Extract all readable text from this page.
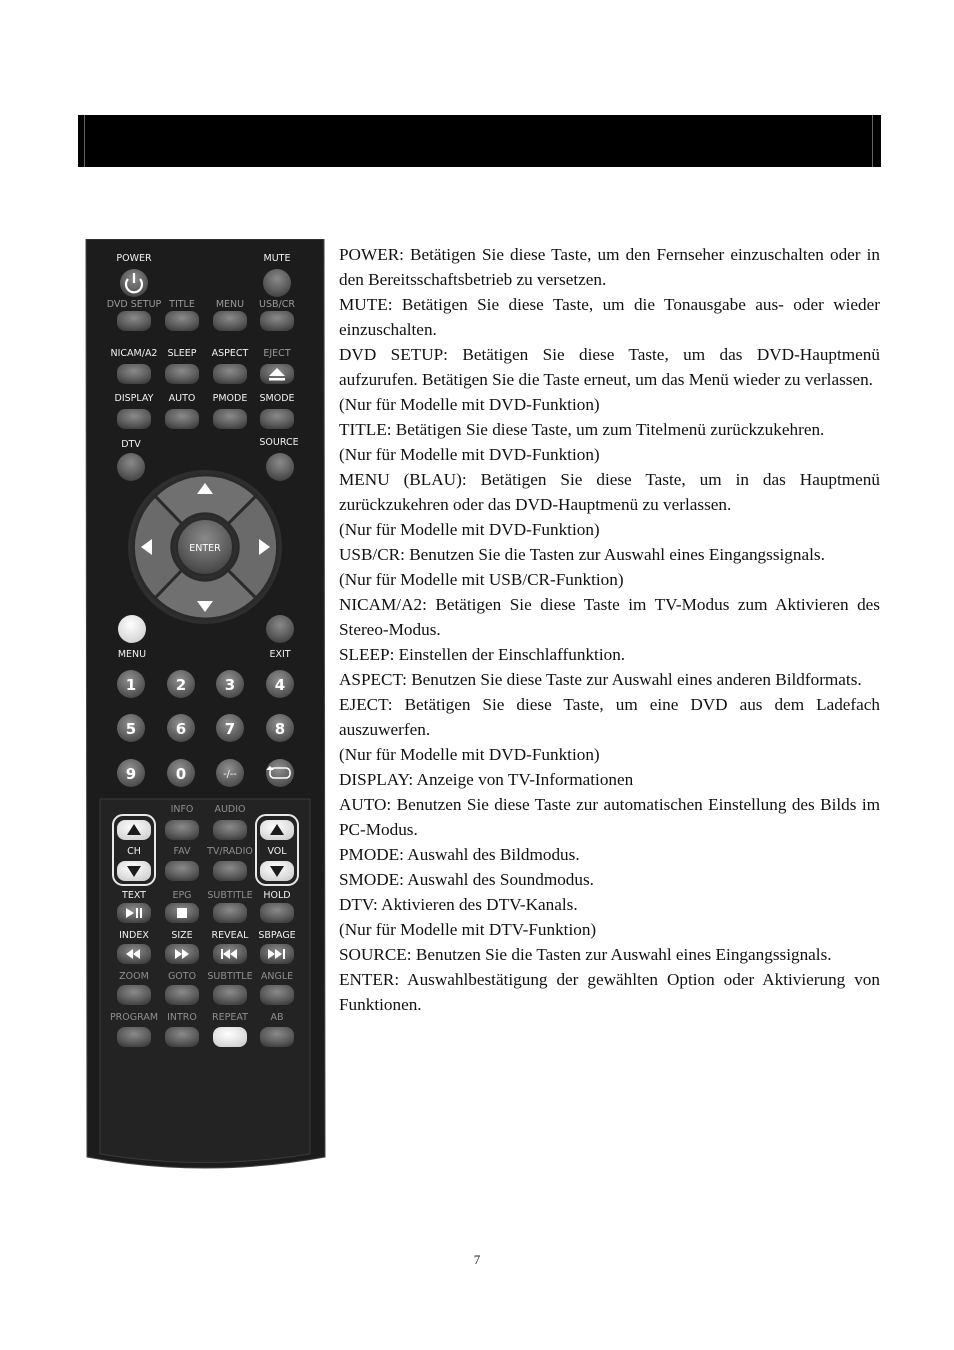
POWER	MUTE
DVD SETUP TITLE MENU USB/CR
NICAM/A2 SLEEP ASPECT EJECT
DISPLAY AUTO PMODE SMODE
DTV	SOURCE
ENTER
MENU	EXIT
1	2	3	4
5	6	7	8
9	0	-/--
INFO AUDIO
CH	VOL
FAV TV/RADIO
TEXT	EPG SUBTITLE HOLD
INDEX SIZE REVEAL SBPAGE
ZOOM GOTO SUBTITLE ANGLE
PROGRAM INTRO REPEAT AB

POWER: Betätigen Sie diese Taste, um den Fernseher einzuschalten oder in den Bereitsschaftsbetrieb zu versetzen.

MUTE: Betätigen Sie diese Taste, um die Tonausgabe aus- oder wieder einzuschalten.

DVD SETUP: Betätigen Sie diese Taste, um das DVD-Hauptmenü aufzurufen. Betätigen Sie die Taste erneut, um das Menü wieder zu verlassen.

(Nur für Modelle mit DVD-Funktion)

TITLE: Betätigen Sie diese Taste, um zum Titelmenü zurückzukehren.

(Nur für Modelle mit DVD-Funktion)

MENU (BLAU): Betätigen Sie diese Taste, um in das Hauptmenü zurückzukehren oder das DVD-Hauptmenü zu verlassen.

(Nur für Modelle mit DVD-Funktion)

USB/CR: Benutzen Sie die Tasten zur Auswahl eines Eingangssignals.

(Nur für Modelle mit USB/CR-Funktion)

NICAM/A2: Betätigen Sie diese Taste im TV-Modus zum Aktivieren des Stereo-Modus.

SLEEP: Einstellen der Einschlaffunktion.

ASPECT: Benutzen Sie diese Taste zur Auswahl eines anderen Bildformats.

EJECT: Betätigen Sie diese Taste, um eine DVD aus dem Ladefach auszuwerfen.

(Nur für Modelle mit DVD-Funktion)

DISPLAY: Anzeige von TV-Informationen

AUTO: Benutzen Sie diese Taste zur automatischen Einstellung des Bilds im PC-Modus.

PMODE: Auswahl des Bildmodus.

SMODE: Auswahl des Soundmodus.

DTV: Aktivieren des DTV-Kanals.

(Nur für Modelle mit DTV-Funktion)

SOURCE: Benutzen Sie die Tasten zur Auswahl eines Eingangssignals.

ENTER: Auswahlbestätigung der gewählten Option oder Aktivierung von Funktionen.

7
